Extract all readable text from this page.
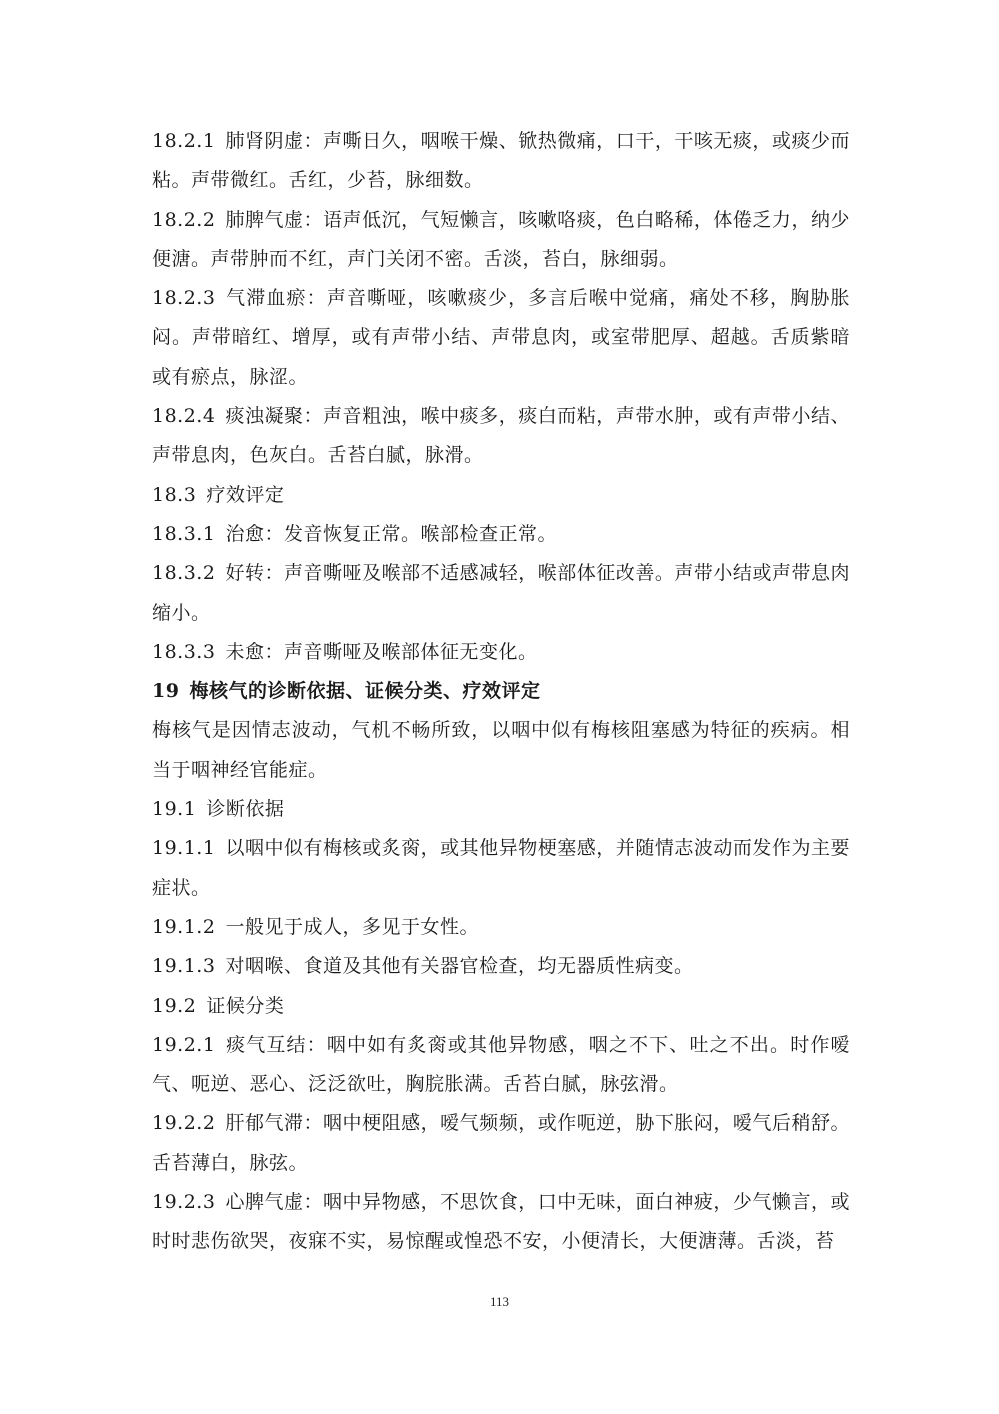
18.2.1 肺肾阴虚：声嘶日久，咽喉干燥、锨热微痛，口干，干咳无痰，或痰少而粘。声带微红。舌红，少苔，脉细数。

18.2.2 肺脾气虚：语声低沉，气短懒言，咳嗽咯痰，色白略稀，体倦乏力，纳少便溏。声带肿而不红，声门关闭不密。舌淡，苔白，脉细弱。

18.2.3 气滞血瘀：声音嘶哑，咳嗽痰少，多言后喉中觉痛，痛处不移，胸胁胀闷。声带暗红、增厚，或有声带小结、声带息肉，或室带肥厚、超越。舌质紫暗或有瘀点，脉涩。

18.2.4 痰浊凝聚：声音粗浊，喉中痰多，痰白而粘，声带水肿，或有声带小结、声带息肉，色灰白。舌苔白腻，脉滑。

18.3 疗效评定

18.3.1 治愈：发音恢复正常。喉部检查正常。

18.3.2 好转：声音嘶哑及喉部不适感减轻，喉部体征改善。声带小结或声带息肉缩小。

18.3.3 未愈：声音嘶哑及喉部体征无变化。

19 梅核气的诊断依据、证候分类、疗效评定

梅核气是因情志波动，气机不畅所致，以咽中似有梅核阻塞感为特征的疾病。相当于咽神经官能症。

19.1 诊断依据

19.1.1 以咽中似有梅核或炙脔，或其他异物梗塞感，并随情志波动而发作为主要症状。

19.1.2 一般见于成人，多见于女性。

19.1.3 对咽喉、食道及其他有关器官检查，均无器质性病变。

19.2 证候分类

19.2.1 痰气互结：咽中如有炙脔或其他异物感，咽之不下、吐之不出。时作嗳气、呃逆、恶心、泛泛欲吐，胸脘胀满。舌苔白腻，脉弦滑。

19.2.2 肝郁气滞：咽中梗阻感，嗳气频频，或作呃逆，胁下胀闷，嗳气后稍舒。舌苔薄白，脉弦。

19.2.3 心脾气虚：咽中异物感，不思饮食，口中无味，面白神疲，少气懒言，或时时悲伤欲哭，夜寐不实，易惊醒或惶恐不安，小便清长，大便溏薄。舌淡，苔

113
